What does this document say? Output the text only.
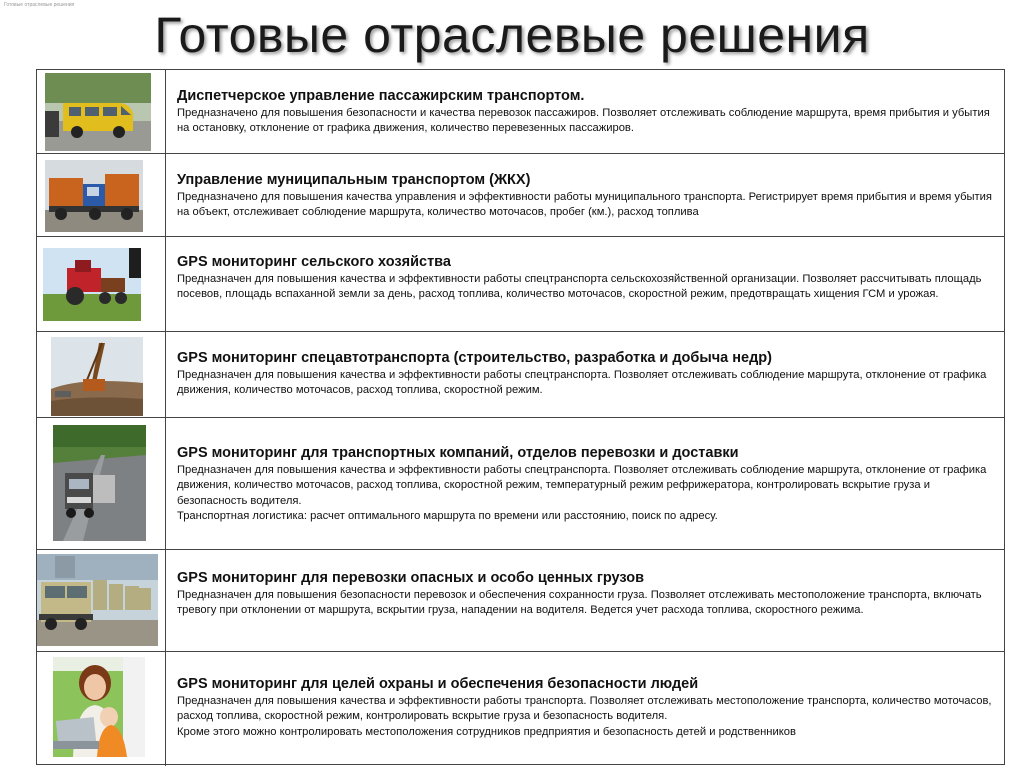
Готовые отраслевые решения
Готовые отраслевые решения
Диспетчерское управление пассажирским транспортом.
Предназначено для повышения безопасности и качества перевозок пассажиров. Позволяет отслеживать соблюдение маршрута, время прибытия и убытия на остановку, отклонение от графика движения, количество перевезенных пассажиров.
Управление муниципальным транспортом (ЖКХ)
Предназначено для повышения качества управления и эффективности работы муниципального транспорта. Регистрирует время прибытия и время убытия на объект, отслеживает соблюдение маршрута, количество моточасов, пробег (км.), расход топлива
GPS мониторинг сельского хозяйства
Предназначен для повышения качества и эффективности работы спецтранспорта сельскохозяйственной организации. Позволяет рассчитывать площадь посевов, площадь вспаханной земли за день, расход топлива, количество моточасов, скоростной режим, предотвращать хищения ГСМ и урожая.
GPS мониторинг спецавтотранспорта (строительство, разработка и добыча недр)
Предназначен для повышения качества и эффективности работы спецтранспорта. Позволяет отслеживать соблюдение маршрута, отклонение от графика движения, количество моточасов, расход топлива, скоростной режим.
GPS мониторинг для транспортных компаний, отделов перевозки и доставки
Предназначен для повышения качества и эффективности работы спецтранспорта. Позволяет отслеживать соблюдение маршрута, отклонение от графика движения, количество моточасов, расход топлива, скоростной режим, температурный режим рефрижератора, контролировать вскрытие груза и безопасность водителя.
Транспортная логистика: расчет оптимального маршрута по времени или расстоянию, поиск по адресу.
GPS мониторинг для перевозки опасных и особо ценных грузов
Предназначен для повышения безопасности перевозок и обеспечения сохранности груза. Позволяет отслеживать местоположение транспорта, включать тревогу при отклонении от маршрута, вскрытии груза, нападении на водителя. Ведется учет расхода топлива, скоростного режима.
GPS мониторинг для целей охраны и обеспечения безопасности людей
Предназначен для повышения качества и эффективности работы транспорта. Позволяет отслеживать местоположение транспорта, количество моточасов, расход топлива, скоростной режим, контролировать вскрытие груза и безопасность водителя.
Кроме этого можно контролировать местоположения сотрудников предприятия и безопасность детей и родственников
